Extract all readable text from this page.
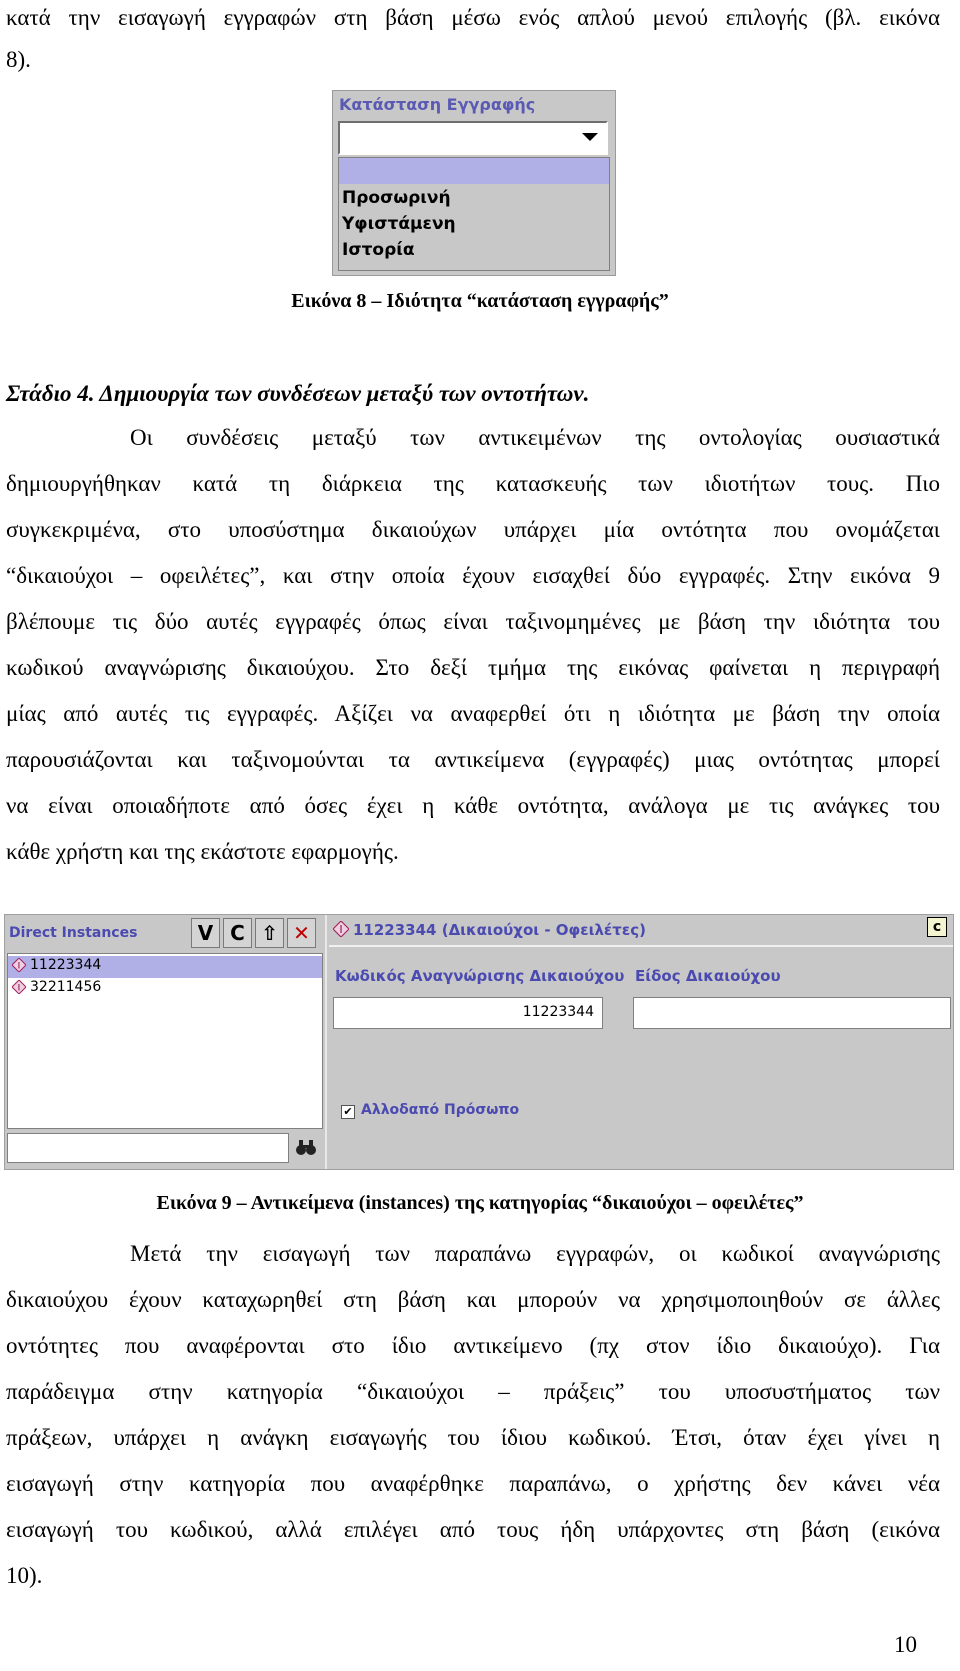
κατά την εισαγωγή εγγραφών στη βάση μέσω ενός απλού μενού επιλογής (βλ. εικόνα
8).
Κατάσταση Εγγραφής
Προσωρινή
Υφιστάμενη
Ιστορία
Εικόνα 8 – Ιδιότητα “κατάσταση εγγραφής”
Στάδιο 4. Δημιουργία των συνδέσεων μεταξύ των οντοτήτων.
Οι συνδέσεις μεταξύ των αντικειμένων της οντολογίας ουσιαστικά
δημιουργήθηκαν κατά τη διάρκεια της κατασκευής των ιδιοτήτων τους. Πιο
συγκεκριμένα, στο υποσύστημα δικαιούχων υπάρχει μία οντότητα που ονομάζεται
“δικαιούχοι – οφειλέτες”, και στην οποία έχουν εισαχθεί δύο εγγραφές. Στην εικόνα 9
βλέπουμε τις δύο αυτές εγγραφές όπως είναι ταξινομημένες με βάση την ιδιότητα του
κωδικού αναγνώρισης δικαιούχου. Στο δεξί τμήμα της εικόνας φαίνεται η περιγραφή
μίας από αυτές τις εγγραφές. Αξίζει να αναφερθεί ότι η ιδιότητα με βάση την οποία
παρουσιάζονται και ταξινομούνται τα αντικείμενα (εγγραφές) μιας οντότητας μπορεί
να είναι οποιαδήποτε από όσες έχει η κάθε οντότητα, ανάλογα με τις ανάγκες του
κάθε χρήστη και της εκάστοτε εφαρμογής.
Direct Instances	V C ⇧ ✕
I 11223344
I 32211456
I 11223344 (Δικαιούχοι - Οφειλέτες)	c
Κωδικός Αναγνώρισης Δικαιούχου
11223344
Είδος Δικαιούχου
✔ Αλλοδαπό Πρόσωπο
Εικόνα 9 – Αντικείμενα (instances) της κατηγορίας “δικαιούχοι – οφειλέτες”
Μετά την εισαγωγή των παραπάνω εγγραφών, οι κωδικοί αναγνώρισης
δικαιούχου έχουν καταχωρηθεί στη βάση και μπορούν να χρησιμοποιηθούν σε άλλες
οντότητες που αναφέρονται στο ίδιο αντικείμενο (πχ στον ίδιο δικαιούχο). Για
παράδειγμα στην κατηγορία “δικαιούχοι – πράξεις” του υποσυστήματος των
πράξεων, υπάρχει η ανάγκη εισαγωγής του ίδιου κωδικού. Έτσι, όταν έχει γίνει η
εισαγωγή στην κατηγορία που αναφέρθηκε παραπάνω, ο χρήστης δεν κάνει νέα
εισαγωγή του κωδικού, αλλά επιλέγει από τους ήδη υπάρχοντες στη βάση (εικόνα
10).
10
